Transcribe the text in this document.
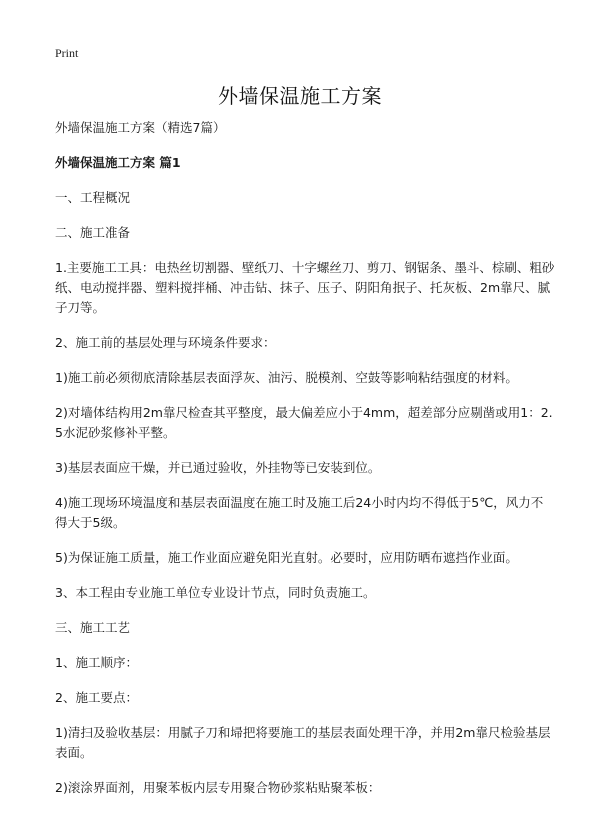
Print
外墙保温施工方案

外墙保温施工方案（精选7篇）

外墙保温施工方案 篇1

一、工程概况

二、施工准备

1.主要施工工具：电热丝切割器、壁纸刀、十字螺丝刀、剪刀、钢锯条、墨斗、棕刷、粗砂纸、电动搅拌器、塑料搅拌桶、冲击钻、抹子、压子、阴阳角抿子、托灰板、2m靠尺、腻子刀等。

2、施工前的基层处理与环境条件要求：

1)施工前必须彻底清除基层表面浮灰、油污、脱模剂、空鼓等影响粘结强度的材料。

2)对墙体结构用2m靠尺检查其平整度，最大偏差应小于4mm，超差部分应剔凿或用1：2.5水泥砂浆修补平整。

3)基层表面应干燥，并已通过验收，外挂物等已安装到位。

4)施工现场环境温度和基层表面温度在施工时及施工后24小时内均不得低于5℃，风力不得大于5级。

5)为保证施工质量，施工作业面应避免阳光直射。必要时，应用防晒布遮挡作业面。

3、本工程由专业施工单位专业设计节点，同时负责施工。

三、施工工艺

1、施工顺序：

2、施工要点：

1)清扫及验收基层：用腻子刀和埽把将要施工的基层表面处理干净，并用2m靠尺检验基层表面。

2)滚涂界面剂，用聚苯板内层专用聚合物砂浆粘贴聚苯板：
